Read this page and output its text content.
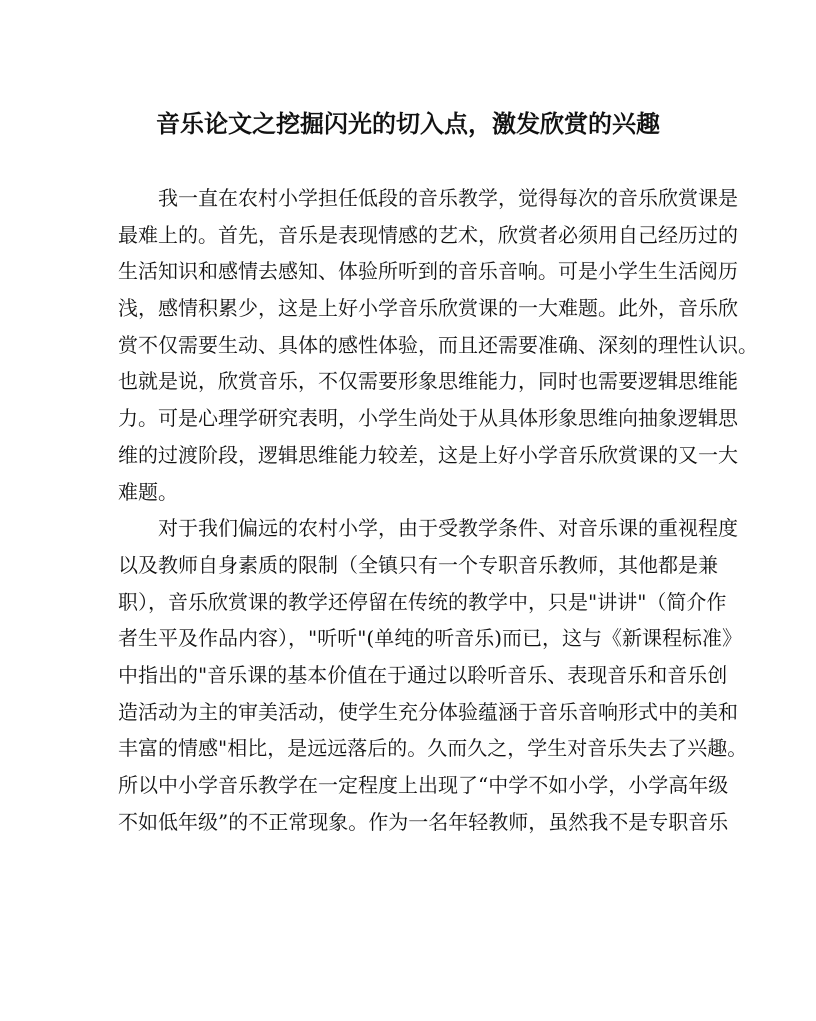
音乐论文之挖掘闪光的切入点，激发欣赏的兴趣
我一直在农村小学担任低段的音乐教学，觉得每次的音乐欣赏课是
最难上的。首先，音乐是表现情感的艺术，欣赏者必须用自己经历过的
生活知识和感情去感知、体验所听到的音乐音响。可是小学生生活阅历
浅，感情积累少，这是上好小学音乐欣赏课的一大难题。此外，音乐欣
赏不仅需要生动、具体的感性体验，而且还需要准确、深刻的理性认识。
也就是说，欣赏音乐，不仅需要形象思维能力，同时也需要逻辑思维能
力。可是心理学研究表明，小学生尚处于从具体形象思维向抽象逻辑思
维的过渡阶段，逻辑思维能力较差，这是上好小学音乐欣赏课的又一大
难题。
对于我们偏远的农村小学，由于受教学条件、对音乐课的重视程度
以及教师自身素质的限制（全镇只有一个专职音乐教师，其他都是兼
职），音乐欣赏课的教学还停留在传统的教学中，只是"讲讲"（简介作
者生平及作品内容），"听听"(单纯的听音乐)而已，这与《新课程标准》
中指出的"音乐课的基本价值在于通过以聆听音乐、表现音乐和音乐创
造活动为主的审美活动，使学生充分体验蕴涵于音乐音响形式中的美和
丰富的情感"相比，是远远落后的。久而久之，学生对音乐失去了兴趣。
所以中小学音乐教学在一定程度上出现了“中学不如小学，小学高年级
不如低年级”的不正常现象。作为一名年轻教师，虽然我不是专职音乐
